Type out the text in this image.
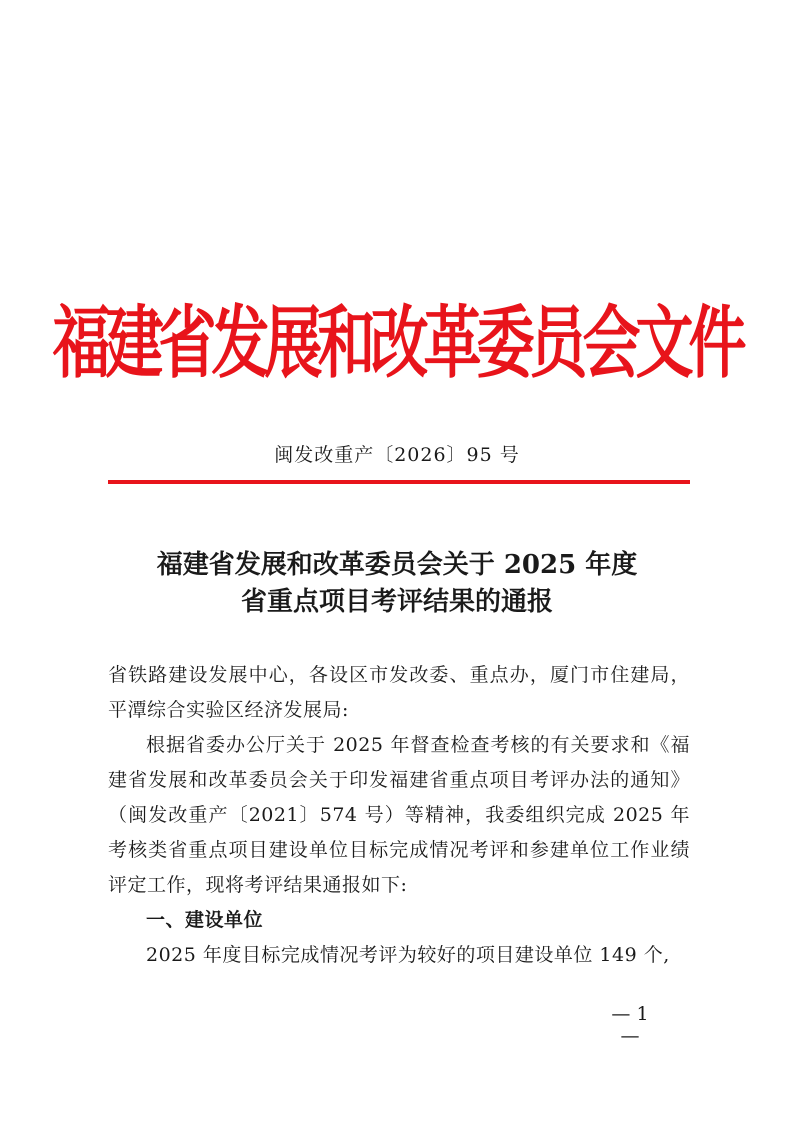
福建省发展和改革委员会文件
闽发改重产〔2026〕95 号
福建省发展和改革委员会关于 2025 年度
省重点项目考评结果的通报

省铁路建设发展中心，各设区市发改委、重点办，厦门市住建局，平潭综合实验区经济发展局:

根据省委办公厅关于 2025 年督查检查考核的有关要求和《福建省发展和改革委员会关于印发福建省重点项目考评办法的通知》（闽发改重产〔2021〕574 号）等精神，我委组织完成 2025 年考核类省重点项目建设单位目标完成情况考评和参建单位工作业绩评定工作，现将考评结果通报如下:

一、建设单位

2025 年度目标完成情况考评为较好的项目建设单位 149 个,

— 1 —
